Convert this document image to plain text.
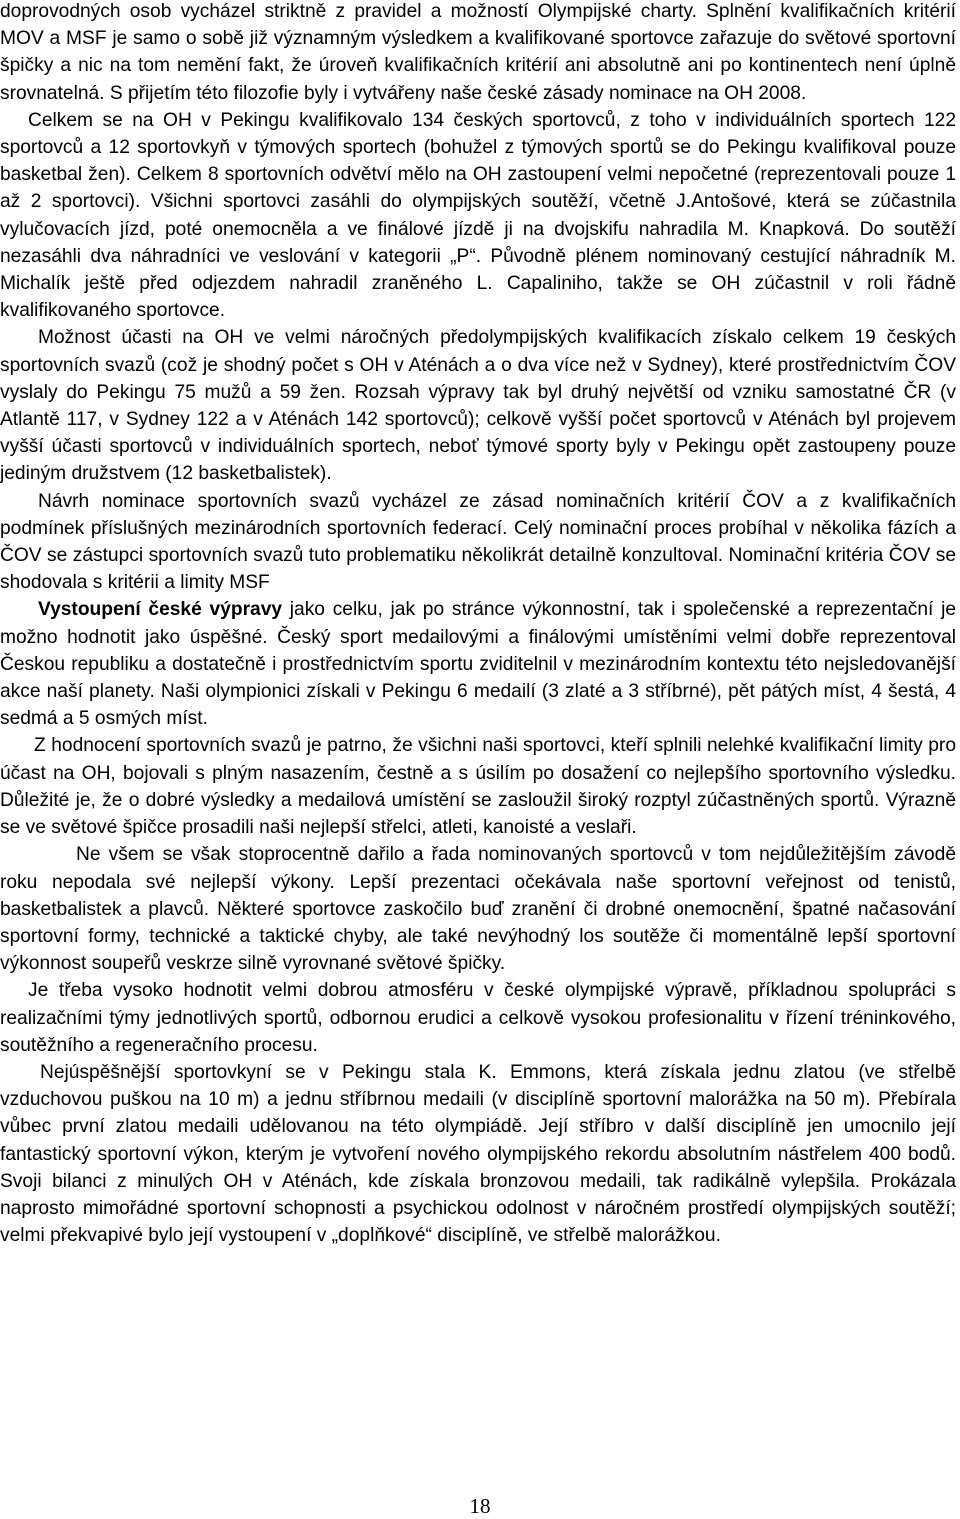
doprovodných osob vycházel striktně z pravidel a možností Olympijské charty. Splnění kvalifikačních kritérií MOV a MSF je samo o sobě již významným výsledkem a kvalifikované sportovce zařazuje do světové sportovní špičky a nic na tom nemění fakt, že úroveň kvalifikačních kritérií ani absolutně ani po kontinentech není úplně srovnatelná. S přijetím této filozofie byly i vytvářeny naše české zásady nominace na OH 2008.

Celkem se na OH v Pekingu kvalifikovalo 134 českých sportovců, z toho v individuálních sportech 122 sportovců a 12 sportovkyň v týmových sportech (bohužel z týmových sportů se do Pekingu kvalifikoval pouze basketbal žen). Celkem 8 sportovních odvětví mělo na OH zastoupení velmi nepočetné (reprezentovali pouze 1 až 2 sportovci). Všichni sportovci zasáhli do olympijských soutěží, včetně J.Antošové, která se zúčastnila vylučovacích jízd, poté onemocněla a ve finálové jízdě ji na dvojskifu nahradila M. Knapková. Do soutěží nezasáhli dva náhradníci ve veslování v kategorii „P“. Původně plénem nominovaný cestující náhradník M. Michalík ještě před odjezdem nahradil zraněného L. Capaliniho, takže se OH zúčastnil v roli řádně kvalifikovaného sportovce.

Možnost účasti na OH ve velmi náročných předolympijských kvalifikacích získalo celkem 19 českých sportovních svazů (což je shodný počet s OH v Aténách a o dva více než v Sydney), které prostřednictvím ČOV vyslaly do Pekingu 75 mužů a 59 žen. Rozsah výpravy tak byl druhý největší od vzniku samostatné ČR (v Atlantě 117, v Sydney 122 a v Aténách 142 sportovců); celkově vyšší počet sportovců v Aténách byl projevem vyšší účasti sportovců v individuálních sportech, neboť týmové sporty byly v Pekingu opět zastoupeny pouze jediným družstvem (12 basketbalistek).

Návrh nominace sportovních svazů vycházel ze zásad nominačních kritérií ČOV a z kvalifikačních podmínek příslušných mezinárodních sportovních federací. Celý nominační proces probíhal v několika fázích a ČOV se zástupci sportovních svazů tuto problematiku několikrát detailně konzultoval. Nominační kritéria ČOV se shodovala s kritérii a limity MSF

Vystoupení české výpravy jako celku, jak po stránce výkonnostní, tak i společenské a reprezentační je možno hodnotit jako úspěšné. Český sport medailovými a finálovými umístěními velmi dobře reprezentoval Českou republiku a dostatečně i prostřednictvím sportu zviditelnil v mezinárodním kontextu této nejsledovanější akce naší planety. Naši olympionici získali v Pekingu 6 medailí (3 zlaté a 3 stříbrné), pět pátých míst, 4 šestá, 4 sedmá a 5 osmých míst.

Z hodnocení sportovních svazů je patrno, že všichni naši sportovci, kteří splnili nelehké kvalifikační limity pro účast na OH, bojovali s plným nasazením, čestně a s úsilím po dosažení co nejlepšího sportovního výsledku. Důležité je, že o dobré výsledky a medailová umístění se zasloužil široký rozptyl zúčastněných sportů. Výrazně se ve světové špičce prosadili naši nejlepší střelci, atleti, kanoisté a veslaři.

Ne všem se však stoprocentně dařilo a řada nominovaných sportovců v tom nejdůležitějším závodě roku nepodala své nejlepší výkony. Lepší prezentaci očekávala naše sportovní veřejnost od tenistů, basketbalistek a plavců. Některé sportovce zaskočilo buď zranění či drobné onemocnění, špatné načasování sportovní formy, technické a taktické chyby, ale také nevýhodný los soutěže či momentálně lepší sportovní výkonnost soupeřů veskrze silně vyrovnané světové špičky.

Je třeba vysoko hodnotit velmi dobrou atmosféru v české olympijské výpravě, příkladnou spolupráci s realizačními týmy jednotlivých sportů, odbornou erudici a celkově vysokou profesionalitu v řízení tréninkového, soutěžního a regeneračního procesu.

Nejúspěšnější sportovkyní se v Pekingu stala K. Emmons, která získala jednu zlatou (ve střelbě vzduchovou puškou na 10 m) a jednu stříbrnou medaili (v disciplíně sportovní malorážka na 50 m). Přebírala vůbec první zlatou medaili udělovanou na této olympiádě. Její stříbro v další disciplíně jen umocnilo její fantastický sportovní výkon, kterým je vytvoření nového olympijského rekordu absolutním nástřelem 400 bodů. Svoji bilanci z minulých OH v Aténách, kde získala bronzovou medaili, tak radikálně vylepšila. Prokázala naprosto mimořádné sportovní schopnosti a psychickou odolnost v náročném prostředí olympijských soutěží; velmi překvapivé bylo její vystoupení v „doplňkové“ disciplíně, ve střelbě malorážkou.

18
